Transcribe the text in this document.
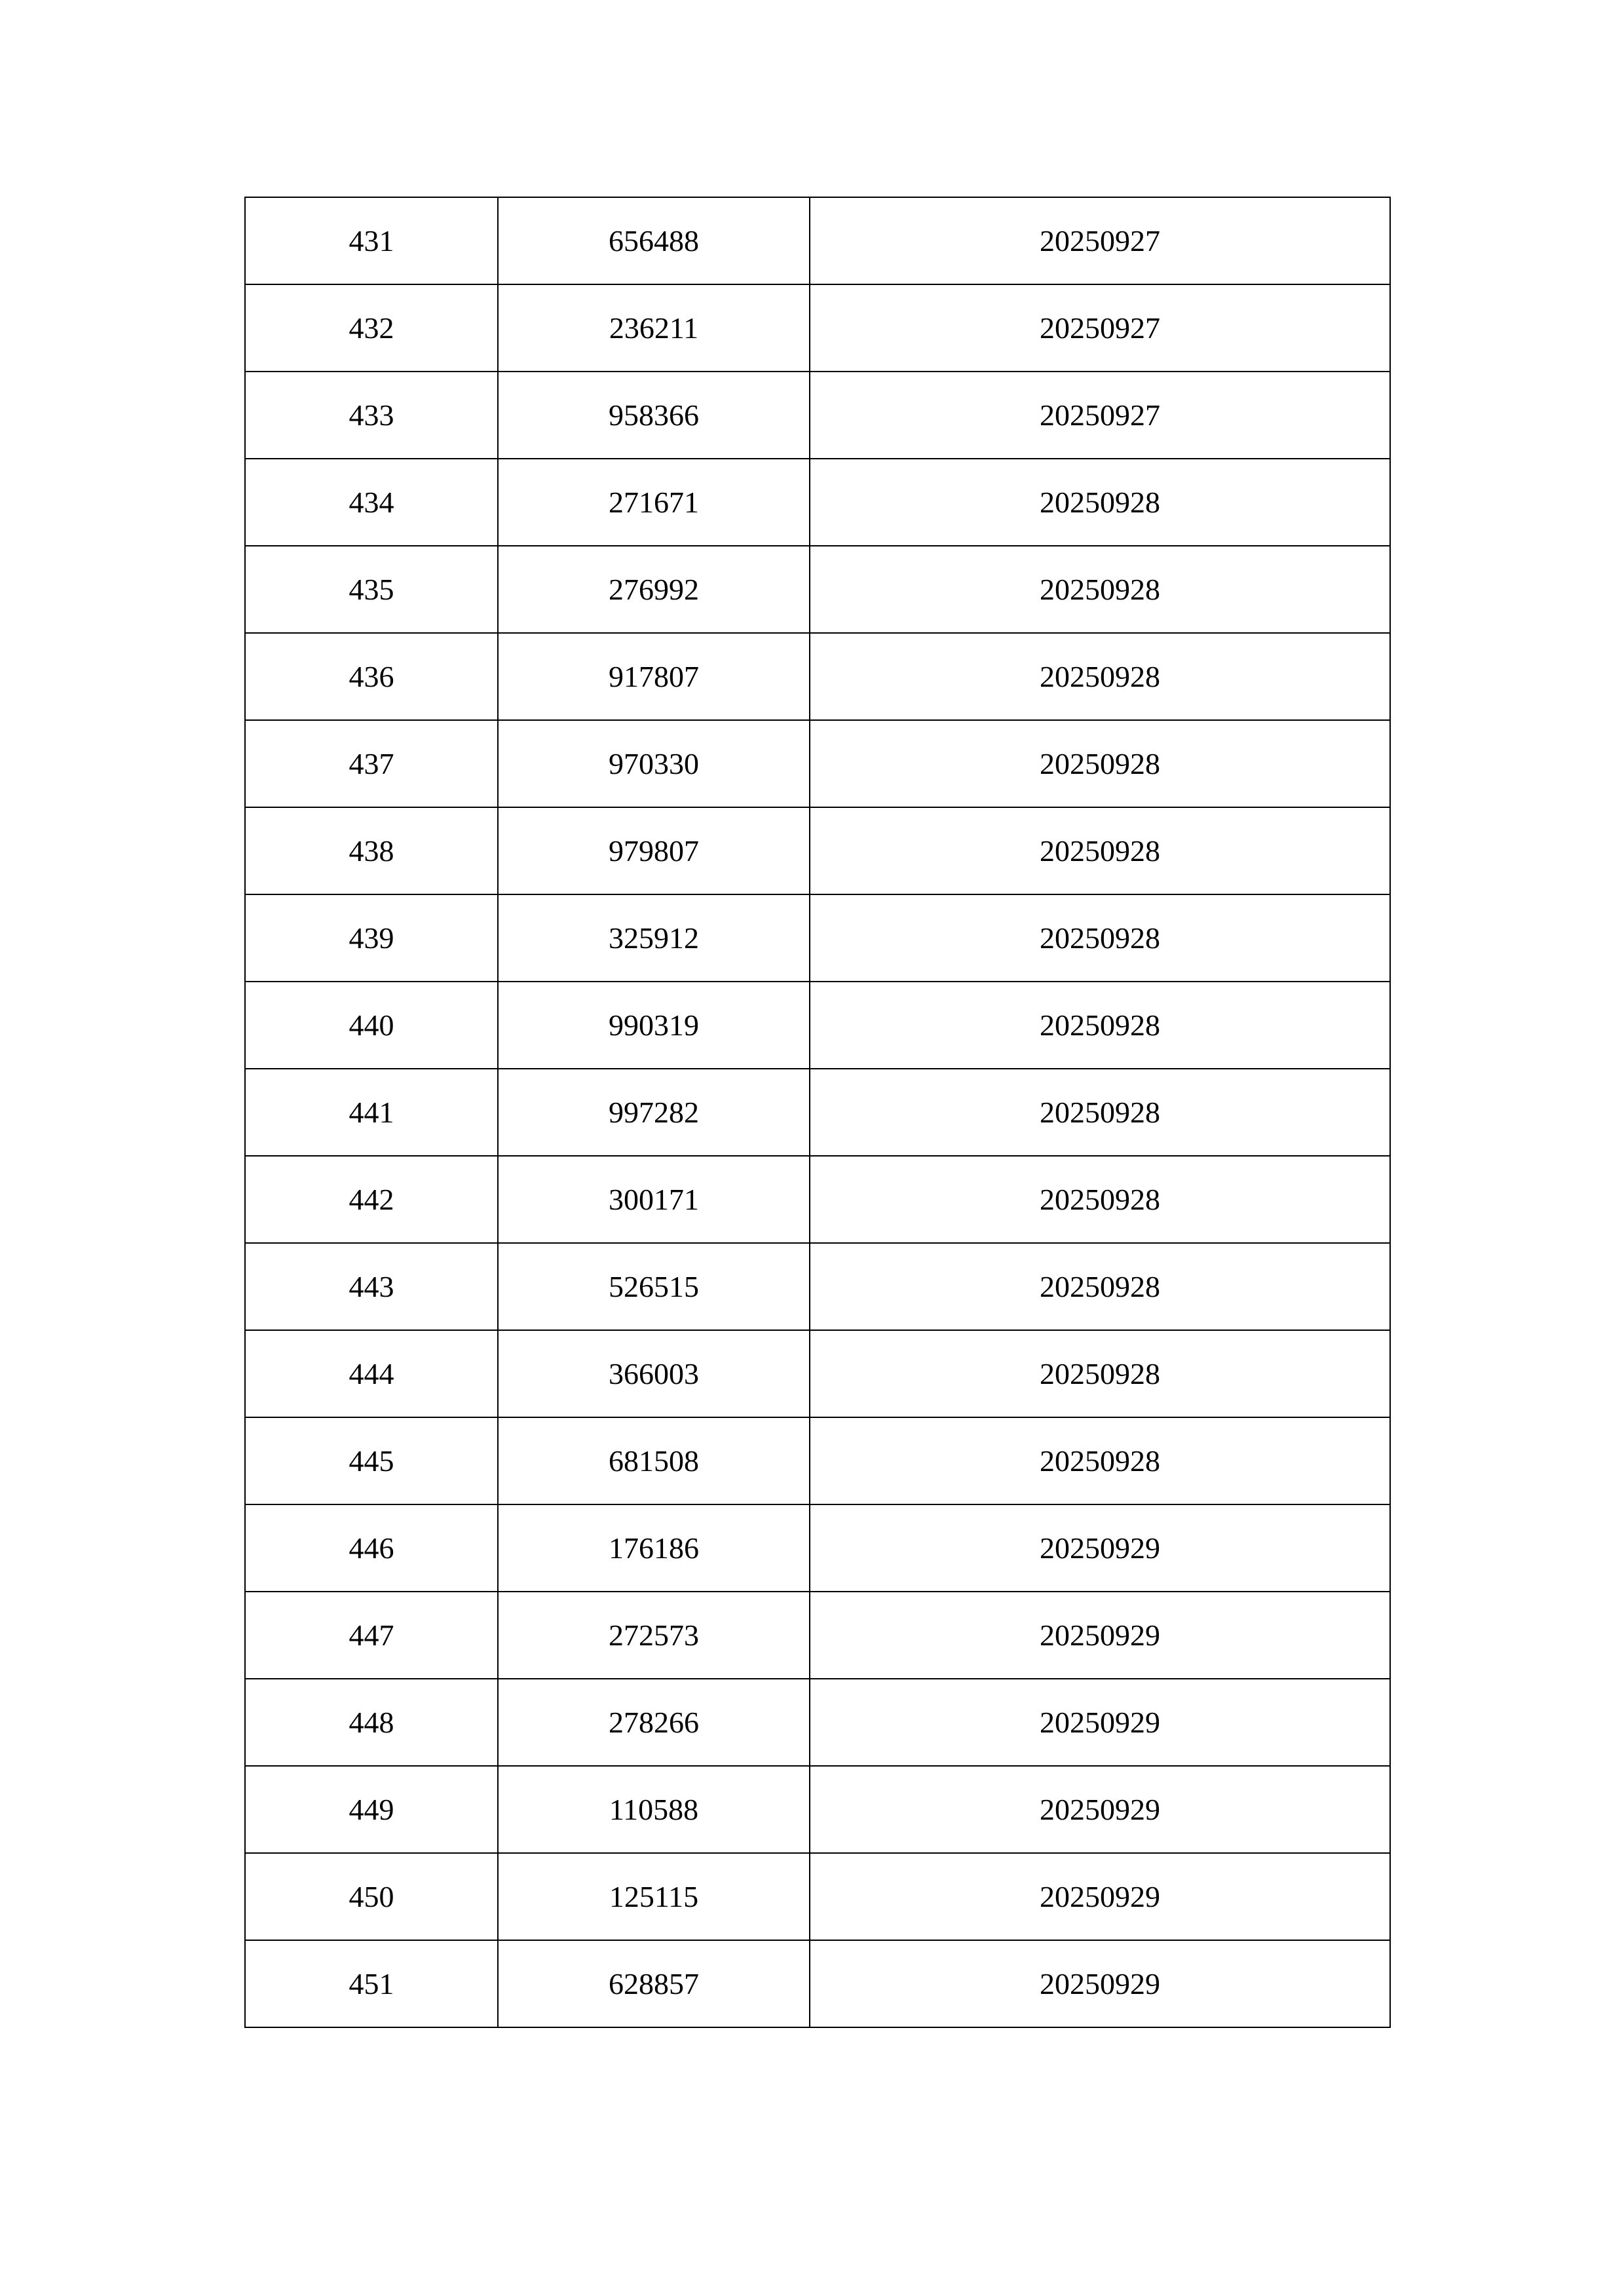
431	656488	20250927
432	236211	20250927
433	958366	20250927
434	271671	20250928
435	276992	20250928
436	917807	20250928
437	970330	20250928
438	979807	20250928
439	325912	20250928
440	990319	20250928
441	997282	20250928
442	300171	20250928
443	526515	20250928
444	366003	20250928
445	681508	20250928
446	176186	20250929
447	272573	20250929
448	278266	20250929
449	110588	20250929
450	125115	20250929
451	628857	20250929
